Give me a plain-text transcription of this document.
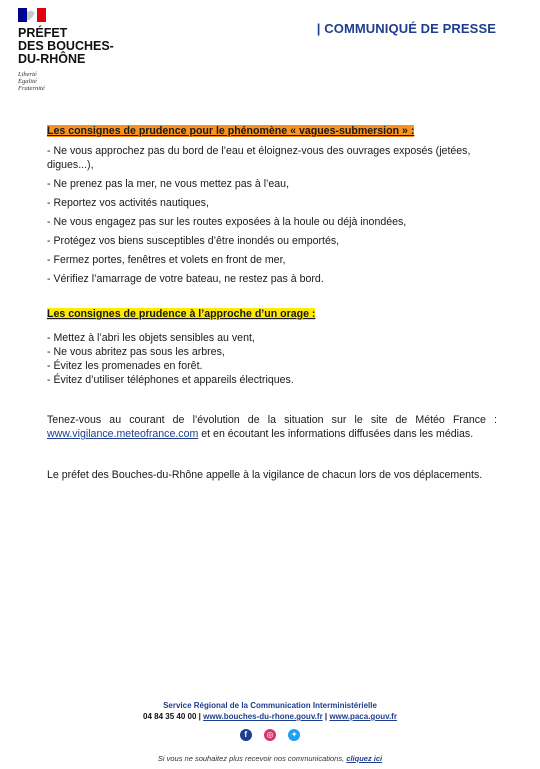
PRÉFET
DES BOUCHES-
DU-RHÔNE
Liberté
Égalité
Fraternité
| COMMUNIQUÉ DE PRESSE
Les consignes de prudence pour le phénomène « vagues-submersion » :
- Ne vous approchez pas du bord de l’eau et éloignez-vous des ouvrages exposés (jetées, digues...),
- Ne prenez pas la mer, ne vous mettez pas à l’eau,
- Reportez vos activités nautiques,
- Ne vous engagez pas sur les routes exposées à la houle ou déjà inondées,
- Protégez vos biens susceptibles d’être inondés ou emportés,
- Fermez portes, fenêtres et volets en front de mer,
- Vérifiez l’amarrage de votre bateau, ne restez pas à bord.
Les consignes de prudence à l’approche d’un orage :
- Mettez à l’abri les objets sensibles au vent,
- Ne vous abritez pas sous les arbres,
- Évitez les promenades en forêt.
- Évitez d’utiliser téléphones et appareils électriques.
Tenez-vous au courant de l’évolution de la situation sur le site de Météo France : www.vigilance.meteofrance.com et en écoutant les informations diffusées dans les médias.
Le préfet des Bouches-du-Rhône appelle à la vigilance de chacun lors de vos déplacements.
Service Régional de la Communication Interministérielle
04 84 35 40 00 | www.bouches-du-rhone.gouv.fr | www.paca.gouv.fr
f ◎ ✦
Si vous ne souhaitez plus recevoir nos communications, cliquez ici
